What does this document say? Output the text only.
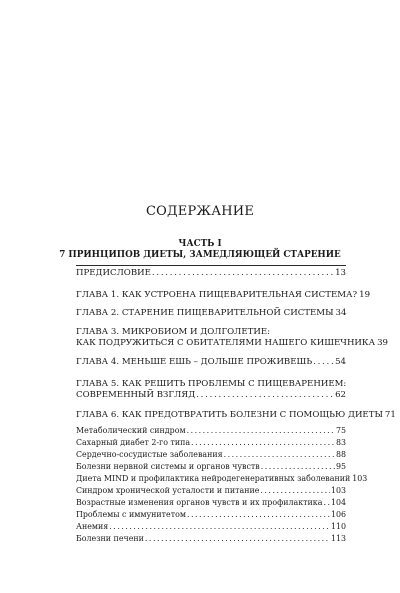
СОДЕРЖАНИЕ
ЧАСТЬ I
7 ПРИНЦИПОВ ДИЕТЫ, ЗАМЕДЛЯЮЩЕЙ СТАРЕНИЕ
ПРЕДИСЛОВИЕ . . .	13
ГЛАВА 1. КАК УСТРОЕНА ПИЩЕВАРИТЕЛЬНАЯ СИСТЕМА? 19
ГЛАВА 2. СТАРЕНИЕ ПИЩЕВАРИТЕЛЬНОЙ СИСТЕМЫ 34
ГЛАВА 3. МИКРОБИОМ И ДОЛГОЛЕТИЕ:
КАК ПОДРУЖИТЬСЯ С ОБИТАТЕЛЯМИ НАШЕГО КИШЕЧНИКА 39
ГЛАВА 4. МЕНЬШЕ ЕШЬ – ДОЛЬШЕ ПРОЖИВЕШЬ . . .	54
ГЛАВА 5. КАК РЕШИТЬ ПРОБЛЕМЫ С ПИЩЕВАРЕНИЕМ:
СОВРЕМЕННЫЙ ВЗГЛЯД . . .	62
ГЛАВА 6. КАК ПРЕДОТВРАТИТЬ БОЛЕЗНИ С ПОМОЩЬЮ ДИЕТЫ 71
Метаболический синдром . . .	75
Сахарный диабет 2-го типа . . .	83
Сердечно-сосудистые заболевания . . .	88
Болезни нервной системы и органов чувств . . .	95
Диета MIND и профилактика нейродегенеративных заболеваний 103
Синдром хронической усталости и питание . . .	103
Возрастные изменения органов чувств и их профилактика . . . 104
Проблемы с иммунитетом . . .	106
Анемия . . .	110
Болезни печени . . .	113
